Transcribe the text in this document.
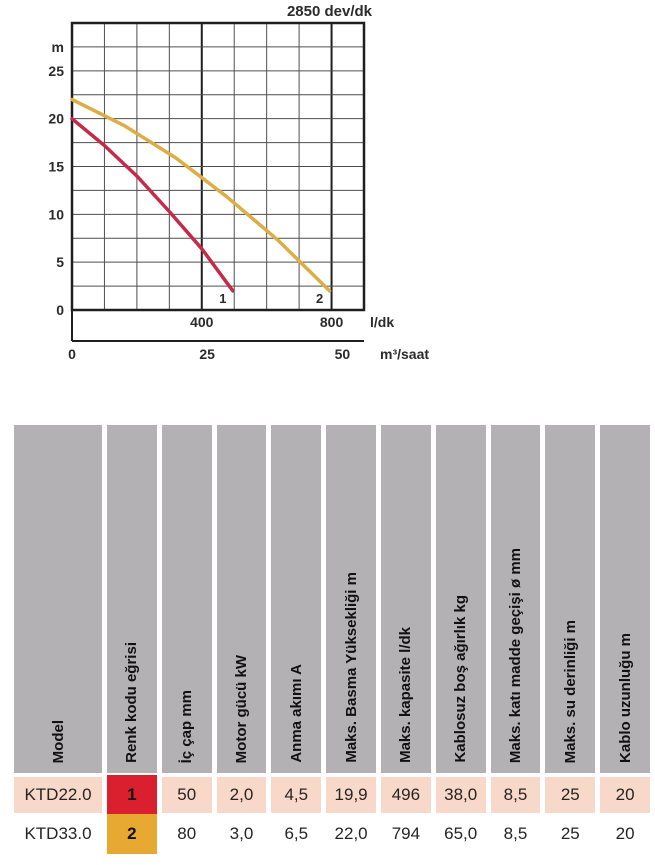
2850 dev/dk
m
25
20
15
10
5
0
400	800 l/dk
0	25	50 m³/saat
1	2
Model	Renk kodu eğrisi	İç çap mm	Motor gücü kW	Anma akımı A	Maks. Basma Yüksekliği m	Maks. kapasite l/dk	Kablosuz boş ağırlık kg	Maks. katı madde geçişi ø mm	Maks. su derinliği m	Kablo uzunluğu m
KTD22.0	1	50	2,0	4,5	19,9	496	38,0	8,5	25	20
KTD33.0	2	80	3,0	6,5	22,0	794	65,0	8,5	25	20
